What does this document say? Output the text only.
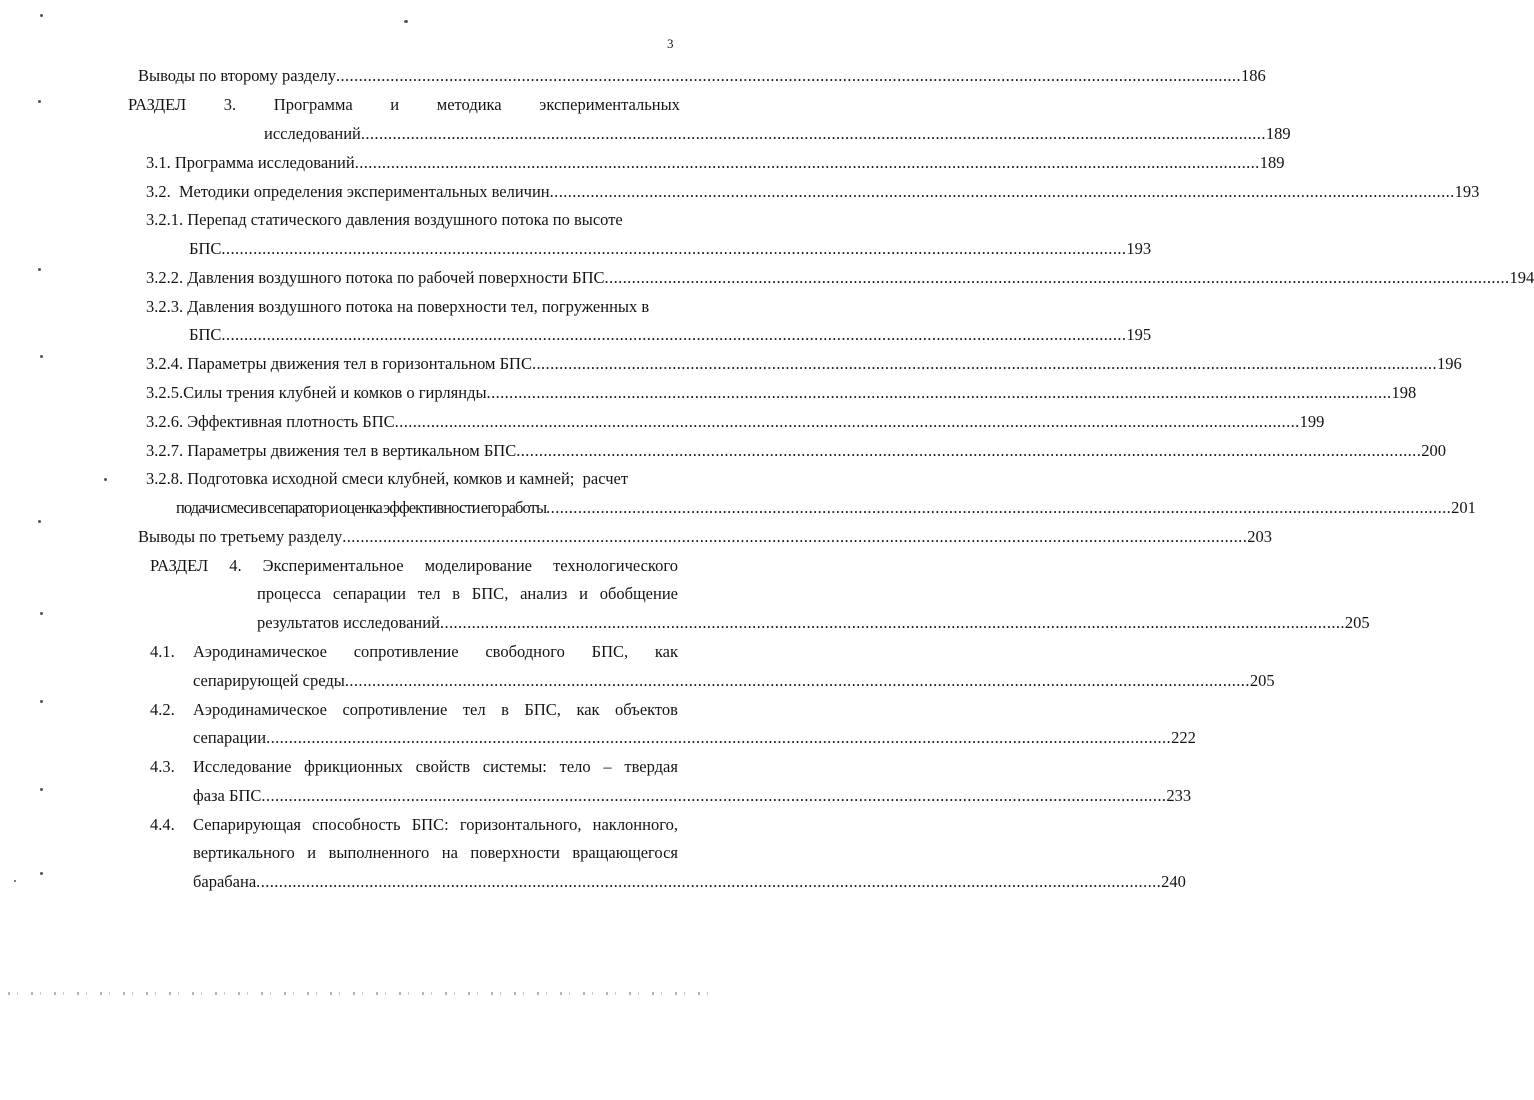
3
Выводы по второму разделу ........................................................................................................................................................................................................ 186
РАЗДЕЛ 3. Программа и методика экспериментальных
исследований ........................................................................................................................................................................................................ 189
3.1. Программа исследований ........................................................................................................................................................................................................ 189
3.2.  Методики определения экспериментальных величин ........................................................................................................................................................................................................ 193
3.2.1. Перепад статического давления воздушного потока по высоте
БПС ........................................................................................................................................................................................................ 193
3.2.2. Давления воздушного потока по рабочей поверхности БПС ........................................................................................................................................................................................................ 194
3.2.3. Давления воздушного потока на поверхности тел, погруженных в
БПС ........................................................................................................................................................................................................ 195
3.2.4. Параметры движения тел в горизонтальном БПС ........................................................................................................................................................................................................ 196
3.2.5.Силы трения клубней и комков о гирлянды ........................................................................................................................................................................................................ 198
3.2.6. Эффективная плотность БПС ........................................................................................................................................................................................................ 199
3.2.7. Параметры движения тел в вертикальном БПС ........................................................................................................................................................................................................ 200
3.2.8. Подготовка исходной смеси клубней, комков и камней;  расчет
подачи смеси в сепаратор и оценка эффективности его работы ........................................................................................................................................................................................................ 201
Выводы по третьему разделу ........................................................................................................................................................................................................ 203
РАЗДЕЛ 4. Экспериментальное моделирование технологического
процесса сепарации тел в БПС, анализ и обобщение
результатов исследований ........................................................................................................................................................................................................ 205
4.1.	Аэродинамическое сопротивление свободного БПС, как
сепарирующей среды ........................................................................................................................................................................................................ 205
4.2.	Аэродинамическое сопротивление тел в БПС, как объектов
сепарации ........................................................................................................................................................................................................ 222
4.3.	Исследование фрикционных свойств системы: тело – твердая
фаза БПС ........................................................................................................................................................................................................ 233
4.4.	Сепарирующая способность БПС: горизонтального, наклонного,
вертикального и выполненного на поверхности вращающегося
барабана ........................................................................................................................................................................................................ 240
